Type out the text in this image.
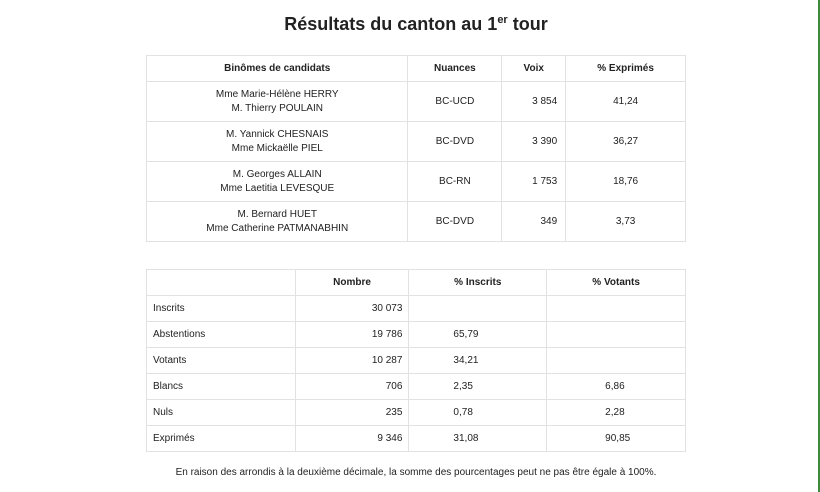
Résultats du canton au 1er tour
Binômes de candidats	Nuances	Voix	% Exprimés
Mme Marie-Hélène HERRY
M. Thierry POULAIN	BC-UCD	3 854	41,24
M. Yannick CHESNAIS
Mme Mickaëlle PIEL	BC-DVD	3 390	36,27
M. Georges ALLAIN
Mme Laetitia LEVESQUE	BC-RN	1 753	18,76
M. Bernard HUET
Mme Catherine PATMANABHIN	BC-DVD	349	3,73
	Nombre	% Inscrits	% Votants
Inscrits	30 073		
Abstentions	19 786	65,79	
Votants	10 287	34,21	
Blancs	706	2,35	6,86
Nuls	235	0,78	2,28
Exprimés	9 346	31,08	90,85

En raison des arrondis à la deuxième décimale, la somme des pourcentages peut ne pas être égale à 100%.
